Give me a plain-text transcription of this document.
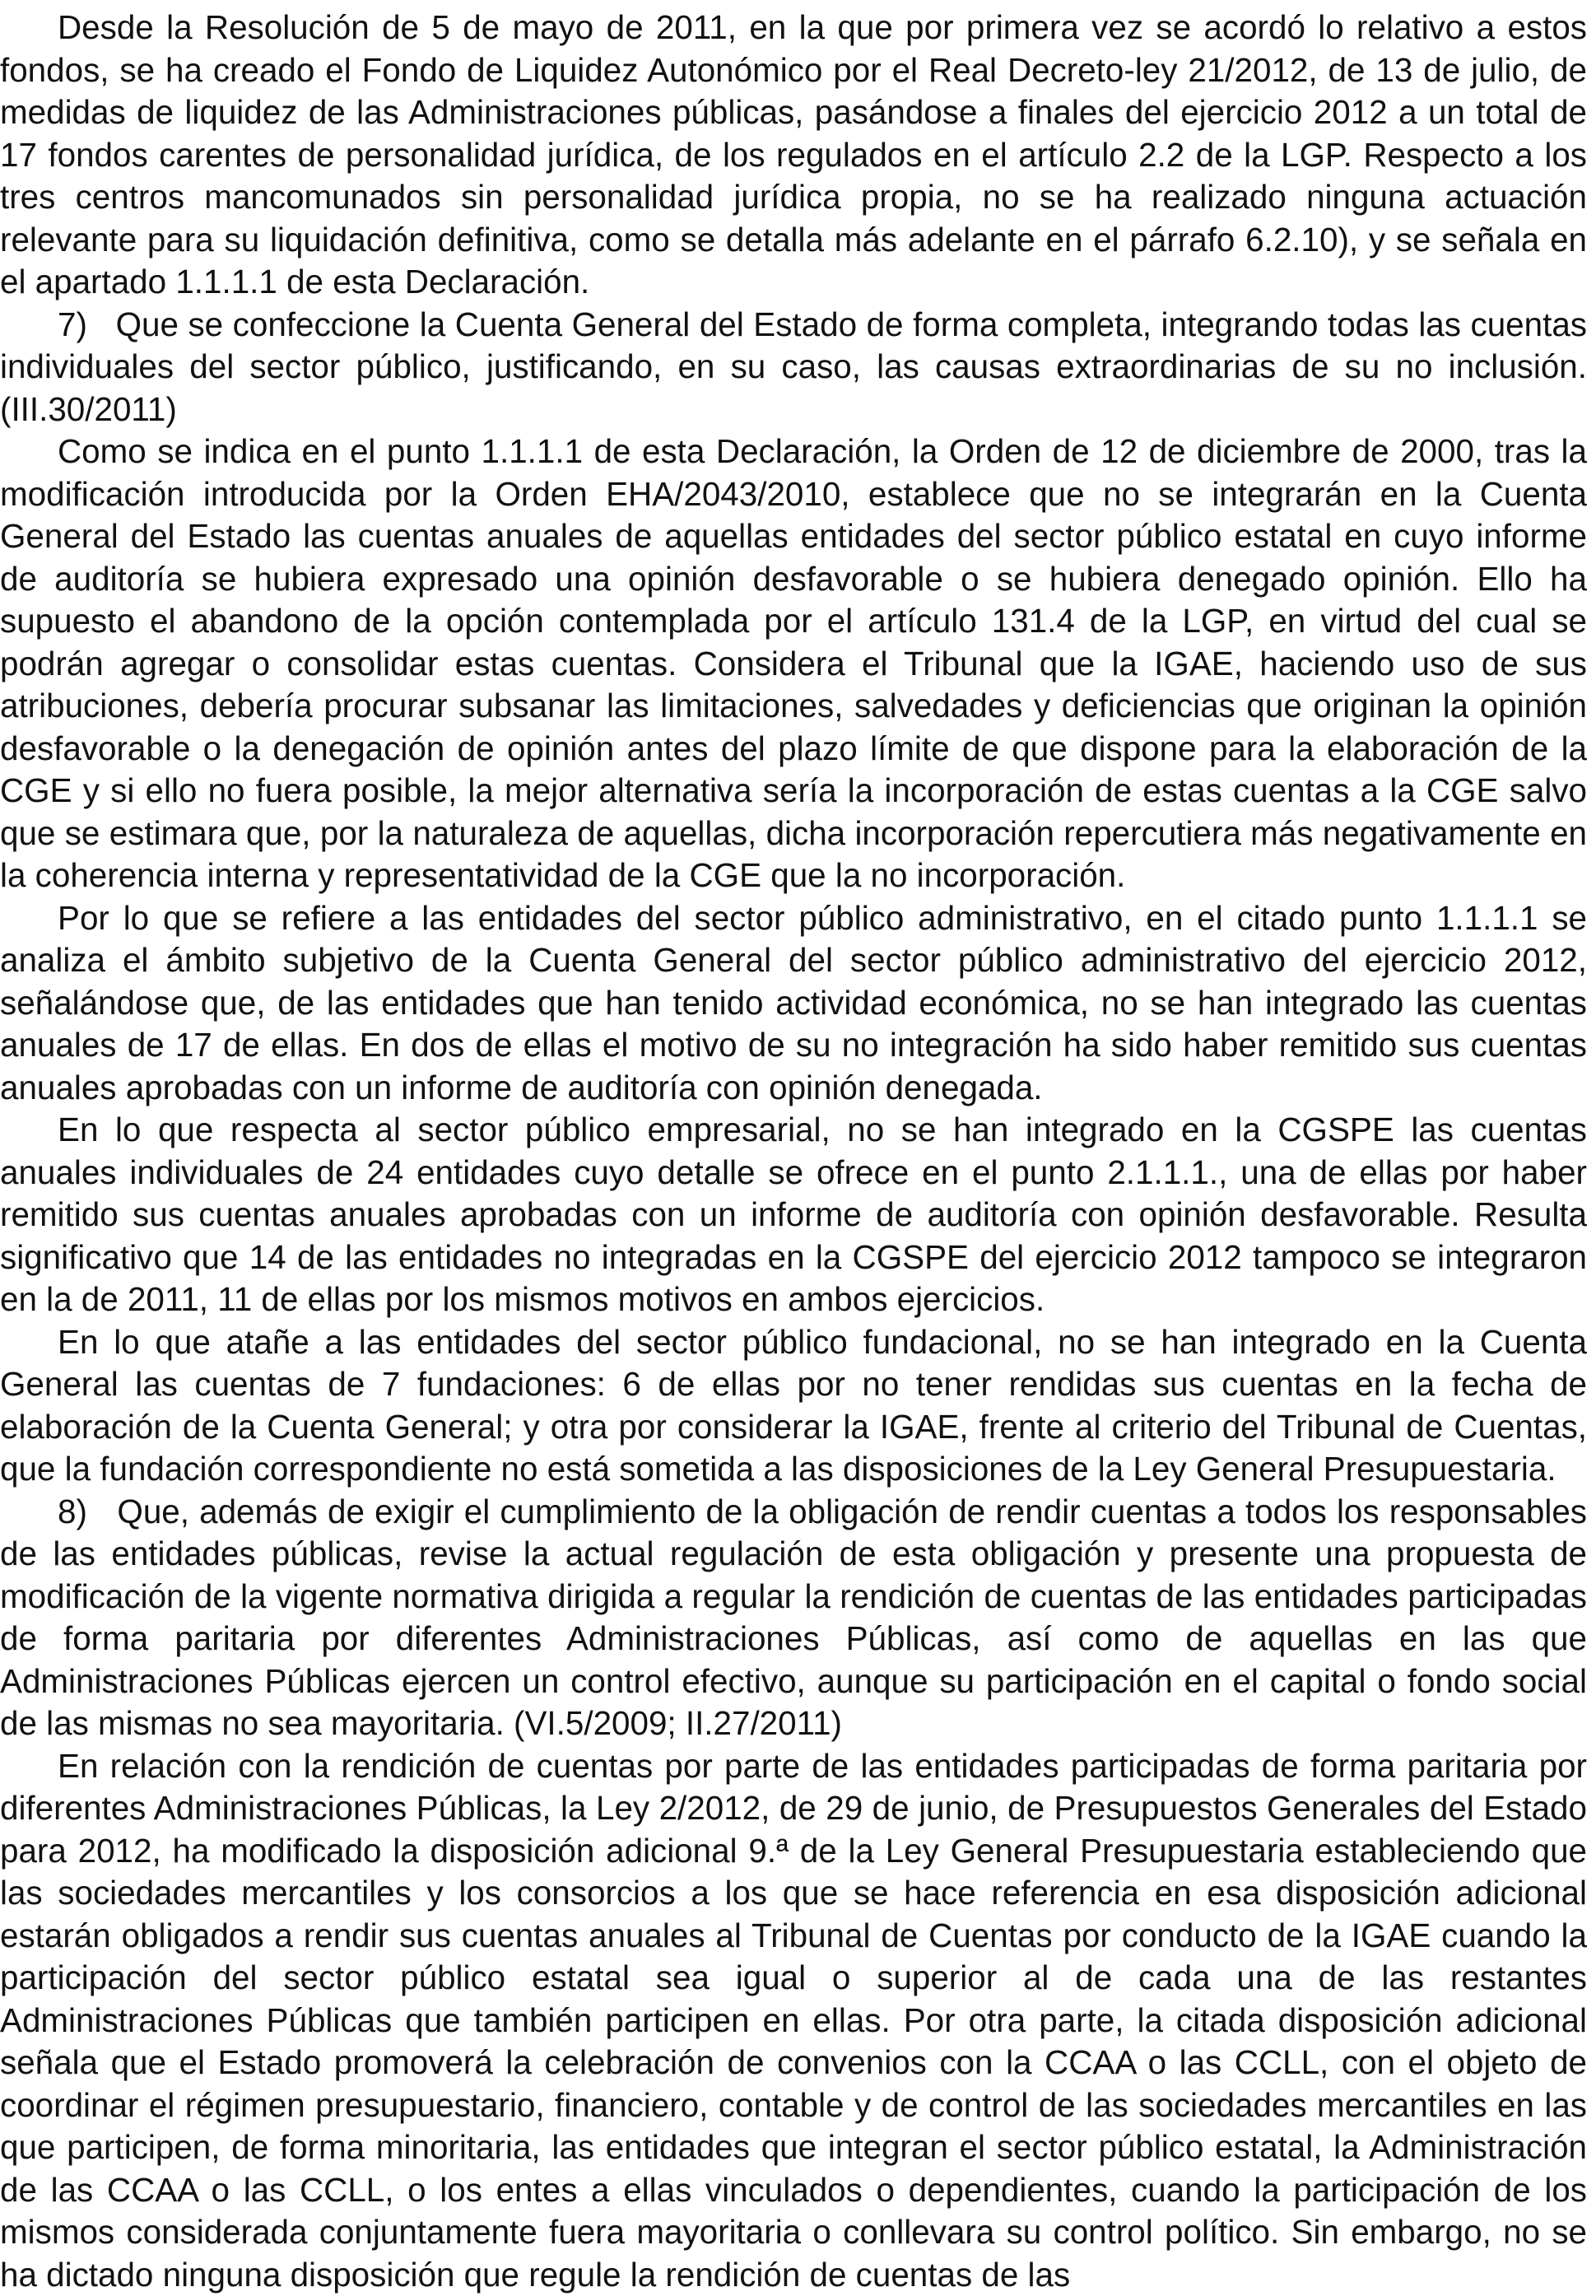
Desde la Resolución de 5 de mayo de 2011, en la que por primera vez se acordó lo relativo a estos fondos, se ha creado el Fondo de Liquidez Autonómico por el Real Decreto-ley 21/2012, de 13 de julio, de medidas de liquidez de las Administraciones públicas, pasándose a finales del ejercicio 2012 a un total de 17 fondos carentes de personalidad jurídica, de los regulados en el artículo 2.2 de la LGP. Respecto a los tres centros mancomunados sin personalidad jurídica propia, no se ha realizado ninguna actuación relevante para su liquidación definitiva, como se detalla más adelante en el párrafo 6.2.10), y se señala en el apartado 1.1.1.1 de esta Declaración.

7)   Que se confeccione la Cuenta General del Estado de forma completa, integrando todas las cuentas individuales del sector público, justificando, en su caso, las causas extraordinarias de su no inclusión. (III.30/2011)

Como se indica en el punto 1.1.1.1 de esta Declaración, la Orden de 12 de diciembre de 2000, tras la modificación introducida por la Orden EHA/2043/2010, establece que no se integrarán en la Cuenta General del Estado las cuentas anuales de aquellas entidades del sector público estatal en cuyo informe de auditoría se hubiera expresado una opinión desfavorable o se hubiera denegado opinión. Ello ha supuesto el abandono de la opción contemplada por el artículo 131.4 de la LGP, en virtud del cual se podrán agregar o consolidar estas cuentas. Considera el Tribunal que la IGAE, haciendo uso de sus atribuciones, debería procurar subsanar las limitaciones, salvedades y deficiencias que originan la opinión desfavorable o la denegación de opinión antes del plazo límite de que dispone para la elaboración de la CGE y si ello no fuera posible, la mejor alternativa sería la incorporación de estas cuentas a la CGE salvo que se estimara que, por la naturaleza de aquellas, dicha incorporación repercutiera más negativamente en la coherencia interna y representatividad de la CGE que la no incorporación.

Por lo que se refiere a las entidades del sector público administrativo, en el citado punto 1.1.1.1 se analiza el ámbito subjetivo de la Cuenta General del sector público administrativo del ejercicio 2012, señalándose que, de las entidades que han tenido actividad económica, no se han integrado las cuentas anuales de 17 de ellas. En dos de ellas el motivo de su no integración ha sido haber remitido sus cuentas anuales aprobadas con un informe de auditoría con opinión denegada.

En lo que respecta al sector público empresarial, no se han integrado en la CGSPE las cuentas anuales individuales de 24 entidades cuyo detalle se ofrece en el punto 2.1.1.1., una de ellas por haber remitido sus cuentas anuales aprobadas con un informe de auditoría con opinión desfavorable. Resulta significativo que 14 de las entidades no integradas en la CGSPE del ejercicio 2012 tampoco se integraron en la de 2011, 11 de ellas por los mismos motivos en ambos ejercicios.

En lo que atañe a las entidades del sector público fundacional, no se han integrado en la Cuenta General las cuentas de 7 fundaciones: 6 de ellas por no tener rendidas sus cuentas en la fecha de elaboración de la Cuenta General; y otra por considerar la IGAE, frente al criterio del Tribunal de Cuentas, que la fundación correspondiente no está sometida a las disposiciones de la Ley General Presupuestaria.

8)   Que, además de exigir el cumplimiento de la obligación de rendir cuentas a todos los responsables de las entidades públicas, revise la actual regulación de esta obligación y presente una propuesta de modificación de la vigente normativa dirigida a regular la rendición de cuentas de las entidades participadas de forma paritaria por diferentes Administraciones Públicas, así como de aquellas en las que Administraciones Públicas ejercen un control efectivo, aunque su participación en el capital o fondo social de las mismas no sea mayoritaria. (VI.5/2009; II.27/2011)

En relación con la rendición de cuentas por parte de las entidades participadas de forma paritaria por diferentes Administraciones Públicas, la Ley 2/2012, de 29 de junio, de Presupuestos Generales del Estado para 2012, ha modificado la disposición adicional 9.ª de la Ley General Presupuestaria estableciendo que las sociedades mercantiles y los consorcios a los que se hace referencia en esa disposición adicional estarán obligados a rendir sus cuentas anuales al Tribunal de Cuentas por conducto de la IGAE cuando la participación del sector público estatal sea igual o superior al de cada una de las restantes Administraciones Públicas que también participen en ellas. Por otra parte, la citada disposición adicional señala que el Estado promoverá la celebración de convenios con la CCAA o las CCLL, con el objeto de coordinar el régimen presupuestario, financiero, contable y de control de las sociedades mercantiles en las que participen, de forma minoritaria, las entidades que integran el sector público estatal, la Administración de las CCAA o las CCLL, o los entes a ellas vinculados o dependientes, cuando la participación de los mismos considerada conjuntamente fuera mayoritaria o conllevara su control político. Sin embargo, no se ha dictado ninguna disposición que regule la rendición de cuentas de las
